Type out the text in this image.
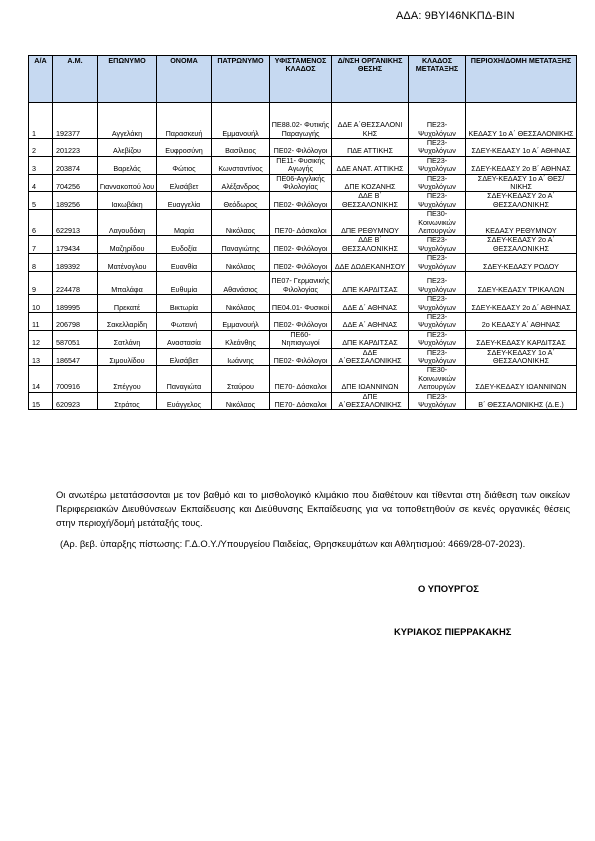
ΑΔΑ: 9ΒΥΙ46ΝΚΠΔ-ΒΙΝ
Α/Α	Α.Μ.	ΕΠΩΝΥΜΟ	ΟΝΟΜΑ	ΠΑΤΡΩΝΥΜΟ	ΥΦΙΣΤΑΜΕΝΟΣ ΚΛΑΔΟΣ	Δ/ΝΣΗ ΟΡΓΑΝΙΚΗΣ ΘΕΣΗΣ	ΚΛΑΔΟΣ ΜΕΤΑΤΑΞΗΣ	ΠΕΡΙΟΧΗ/ΔΟΜΗ ΜΕΤΑΤΑΞΗΣ
1	192377	Αγγελάκη	Παρασκευή	Εμμανουήλ	ΠΕ88.02- Φυτικής Παραγωγής	ΔΔΕ Α΄ΘΕΣΣΑΛΟΝΙ ΚΗΣ	ΠΕ23- Ψυχολόγων	ΚΕΔΑΣΥ 1ο Α΄ ΘΕΣΣΑΛΟΝΙΚΗΣ
2	201223	Αλεβίζου	Ευφροσύνη	Βασίλειος	ΠΕ02- Φιλόλογοι	ΠΔΕ ΑΤΤΙΚΗΣ	ΠΕ23- Ψυχολόγων	ΣΔΕΥ-ΚΕΔΑΣΥ 1ο Α΄ ΑΘΗΝΑΣ
3	203874	Βαρελάς	Φώτιος	Κωνσταντίνος	ΠΕ11- Φυσικής Αγωγής	ΔΔΕ ΑΝΑΤ. ΑΤΤΙΚΗΣ	ΠΕ23- Ψυχολόγων	ΣΔΕΥ-ΚΕΔΑΣΥ 2ο Β΄ ΑΘΗΝΑΣ
4	704256	Γιαννακοπού λου	Ελισάβετ	Αλέξανδρος	ΠΕ06-Αγγλικής Φιλολογίας	ΔΠΕ ΚΟΖΑΝΗΣ	ΠΕ23- Ψυχολόγων	ΣΔΕΥ-ΚΕΔΑΣΥ 1ο Α΄ ΘΕΣ/ΝΙΚΗΣ
5	189256	Ιακωβάκη	Ευαγγελία	Θεόδωρος	ΠΕ02- Φιλόλογοι	ΔΔΕ Β΄ ΘΕΣΣΑΛΟΝΙΚΗΣ	ΠΕ23- Ψυχολόγων	ΣΔΕΥ-ΚΕΔΑΣΥ 2ο Α΄ ΘΕΣΣΑΛΟΝΙΚΗΣ
6	622913	Λαγουδάκη	Μαρία	Νικόλαος	ΠΕ70- Δάσκαλοι	ΔΠΕ ΡΕΘΥΜΝΟΥ	ΠΕ30- Κοινωνικών Λειτουργών	ΚΕΔΑΣΥ ΡΕΘΥΜΝΟΥ
7	179434	Μαζηρίδου	Ευδοξία	Παναγιώτης	ΠΕ02- Φιλόλογοι	ΔΔΕ Β΄ ΘΕΣΣΑΛΟΝΙΚΗΣ	ΠΕ23- Ψυχολόγων	ΣΔΕΥ-ΚΕΔΑΣΥ 2ο Α΄ ΘΕΣΣΑΛΟΝΙΚΗΣ
8	189392	Ματένογλου	Ευανθία	Νικόλαος	ΠΕ02- Φιλόλογοι	ΔΔΕ ΔΩΔΕΚΑΝΗΣΟΥ	ΠΕ23- Ψυχολόγων	ΣΔΕΥ-ΚΕΔΑΣΥ ΡΟΔΟΥ
9	224478	Μπαλάφα	Ευθυμία	Αθανάσιος	ΠΕ07- Γερμανικής Φιλολογίας	ΔΠΕ ΚΑΡΔΙΤΣΑΣ	ΠΕ23- Ψυχολόγων	ΣΔΕΥ-ΚΕΔΑΣΥ ΤΡΙΚΑΛΩΝ
10	189995	Πρεκατέ	Βικτωρία	Νικόλαος	ΠΕ04.01- Φυσικοί	ΔΔΕ Δ΄ ΑΘΗΝΑΣ	ΠΕ23- Ψυχολόγων	ΣΔΕΥ-ΚΕΔΑΣΥ 2ο Δ΄ ΑΘΗΝΑΣ
11	206798	Σακελλαρίδη	Φωτεινή	Εμμανουήλ	ΠΕ02- Φιλόλογοι	ΔΔΕ Α΄ ΑΘΗΝΑΣ	ΠΕ23- Ψυχολόγων	2ο ΚΕΔΑΣΥ Α΄ ΑΘΗΝΑΣ
12	587051	Σατλάνη	Αναστασία	Κλεάνθης	ΠΕ60- Νηπιαγωγοί	ΔΠΕ ΚΑΡΔΙΤΣΑΣ	ΠΕ23- Ψυχολόγων	ΣΔΕΥ-ΚΕΔΑΣΥ ΚΑΡΔΙΤΣΑΣ
13	186547	Σιμουλίδου	Ελισάβετ	Ιωάννης	ΠΕ02- Φιλόλογοι	ΔΔΕ Α΄ΘΕΣΣΑΛΟΝΙΚΗΣ	ΠΕ23- Ψυχολόγων	ΣΔΕΥ-ΚΕΔΑΣΥ 1ο Α΄ ΘΕΣΣΑΛΟΝΙΚΗΣ
14	700916	Σπέγγου	Παναγιώτα	Σταύρου	ΠΕ70- Δάσκαλοι	ΔΠΕ ΙΩΑΝΝΙΝΩΝ	ΠΕ30- Κοινωνικών Λειτουργών	ΣΔΕΥ-ΚΕΔΑΣΥ ΙΩΑΝΝΙΝΩΝ
15	620923	Στράτος	Ευάγγελος	Νικόλαος	ΠΕ70- Δάσκαλοι	ΔΠΕ Α΄ΘΕΣΣΑΛΟΝΙΚΗΣ	ΠΕ23- Ψυχολόγων	Β΄ ΘΕΣΣΑΛΟΝΙΚΗΣ (Δ.Ε.)

Οι ανωτέρω μετατάσσονται με τον βαθμό και το μισθολογικό κλιμάκιο που διαθέτουν και τίθενται στη διάθεση των οικείων Περιφερειακών Διευθύνσεων Εκπαίδευσης και Διεύθυνσης Εκπαίδευσης για να τοποθετηθούν σε κενές οργανικές θέσεις στην περιοχή/δομή μετάταξής τους.

(Αρ. βεβ. ύπαρξης πίστωσης: Γ.Δ.Ο.Υ./Υπουργείου Παιδείας, Θρησκευμάτων και Αθλητισμού: 4669/28-07-2023).

Ο ΥΠΟΥΡΓΟΣ
ΚΥΡΙΑΚΟΣ ΠΙΕΡΡΑΚΑΚΗΣ
